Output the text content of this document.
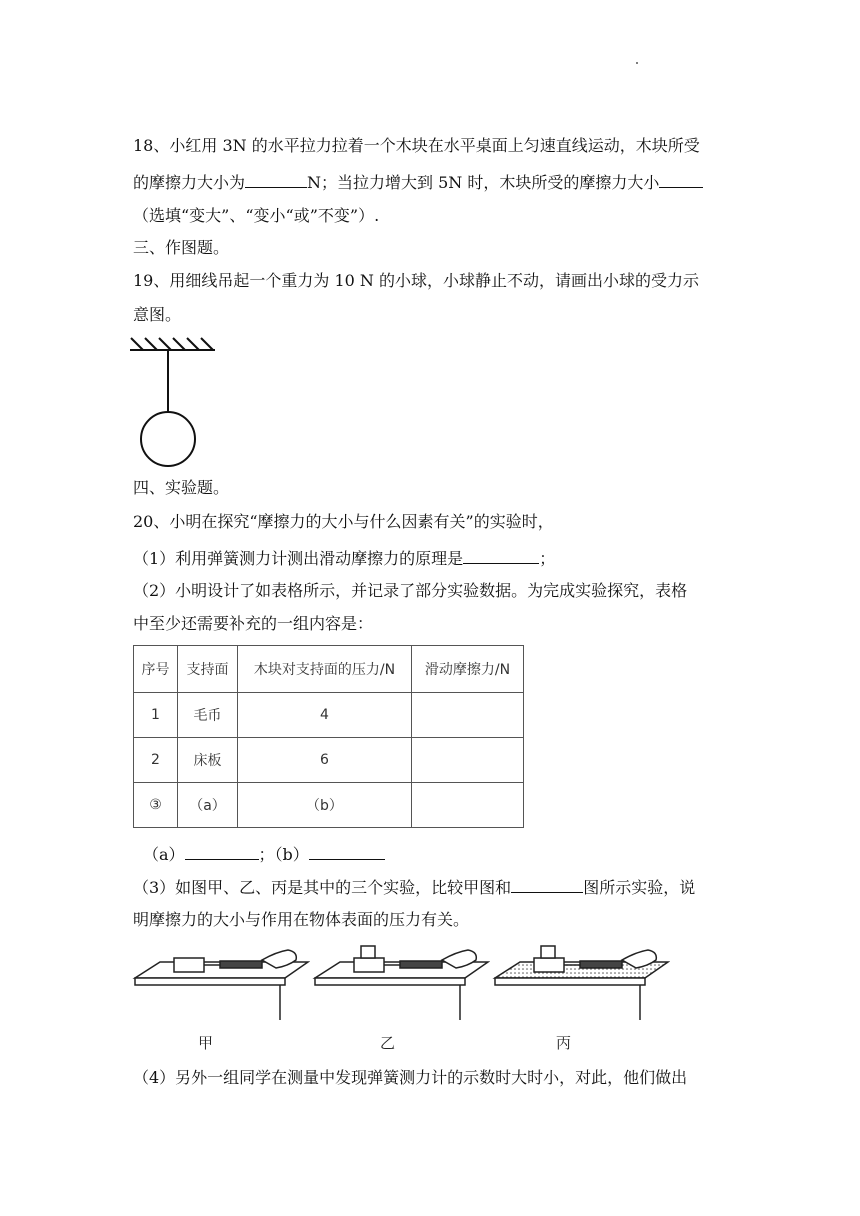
18、小红用 3N 的水平拉力拉着一个木块在水平桌面上匀速直线运动，木块所受
的摩擦力大小为	N；当拉力增大到 5N 时，木块所受的摩擦力大小
（选填“变大”、“变小“或”不变”）.
三、作图题。
19、用细线吊起一个重力为 10 N 的小球，小球静止不动，请画出小球的受力示
意图。
四、实验题。
20、小明在探究“摩擦力的大小与什么因素有关”的实验时，
（1）利用弹簧测力计测出滑动摩擦力的原理是	；
（2）小明设计了如表格所示，并记录了部分实验数据。为完成实验探究，表格
中至少还需要补充的一组内容是：
序号	支持面	木块对支持面的压力/N	滑动摩擦力/N
1	毛币	4	
2	床板	6	
③	（a）	（b）	
（a）	；（b）
（3）如图甲、乙、丙是其中的三个实验，比较甲图和	图所示实验，说
明摩擦力的大小与作用在物体表面的压力有关。
甲	乙	丙
（4）另外一组同学在测量中发现弹簧测力计的示数时大时小，对此，他们做出
